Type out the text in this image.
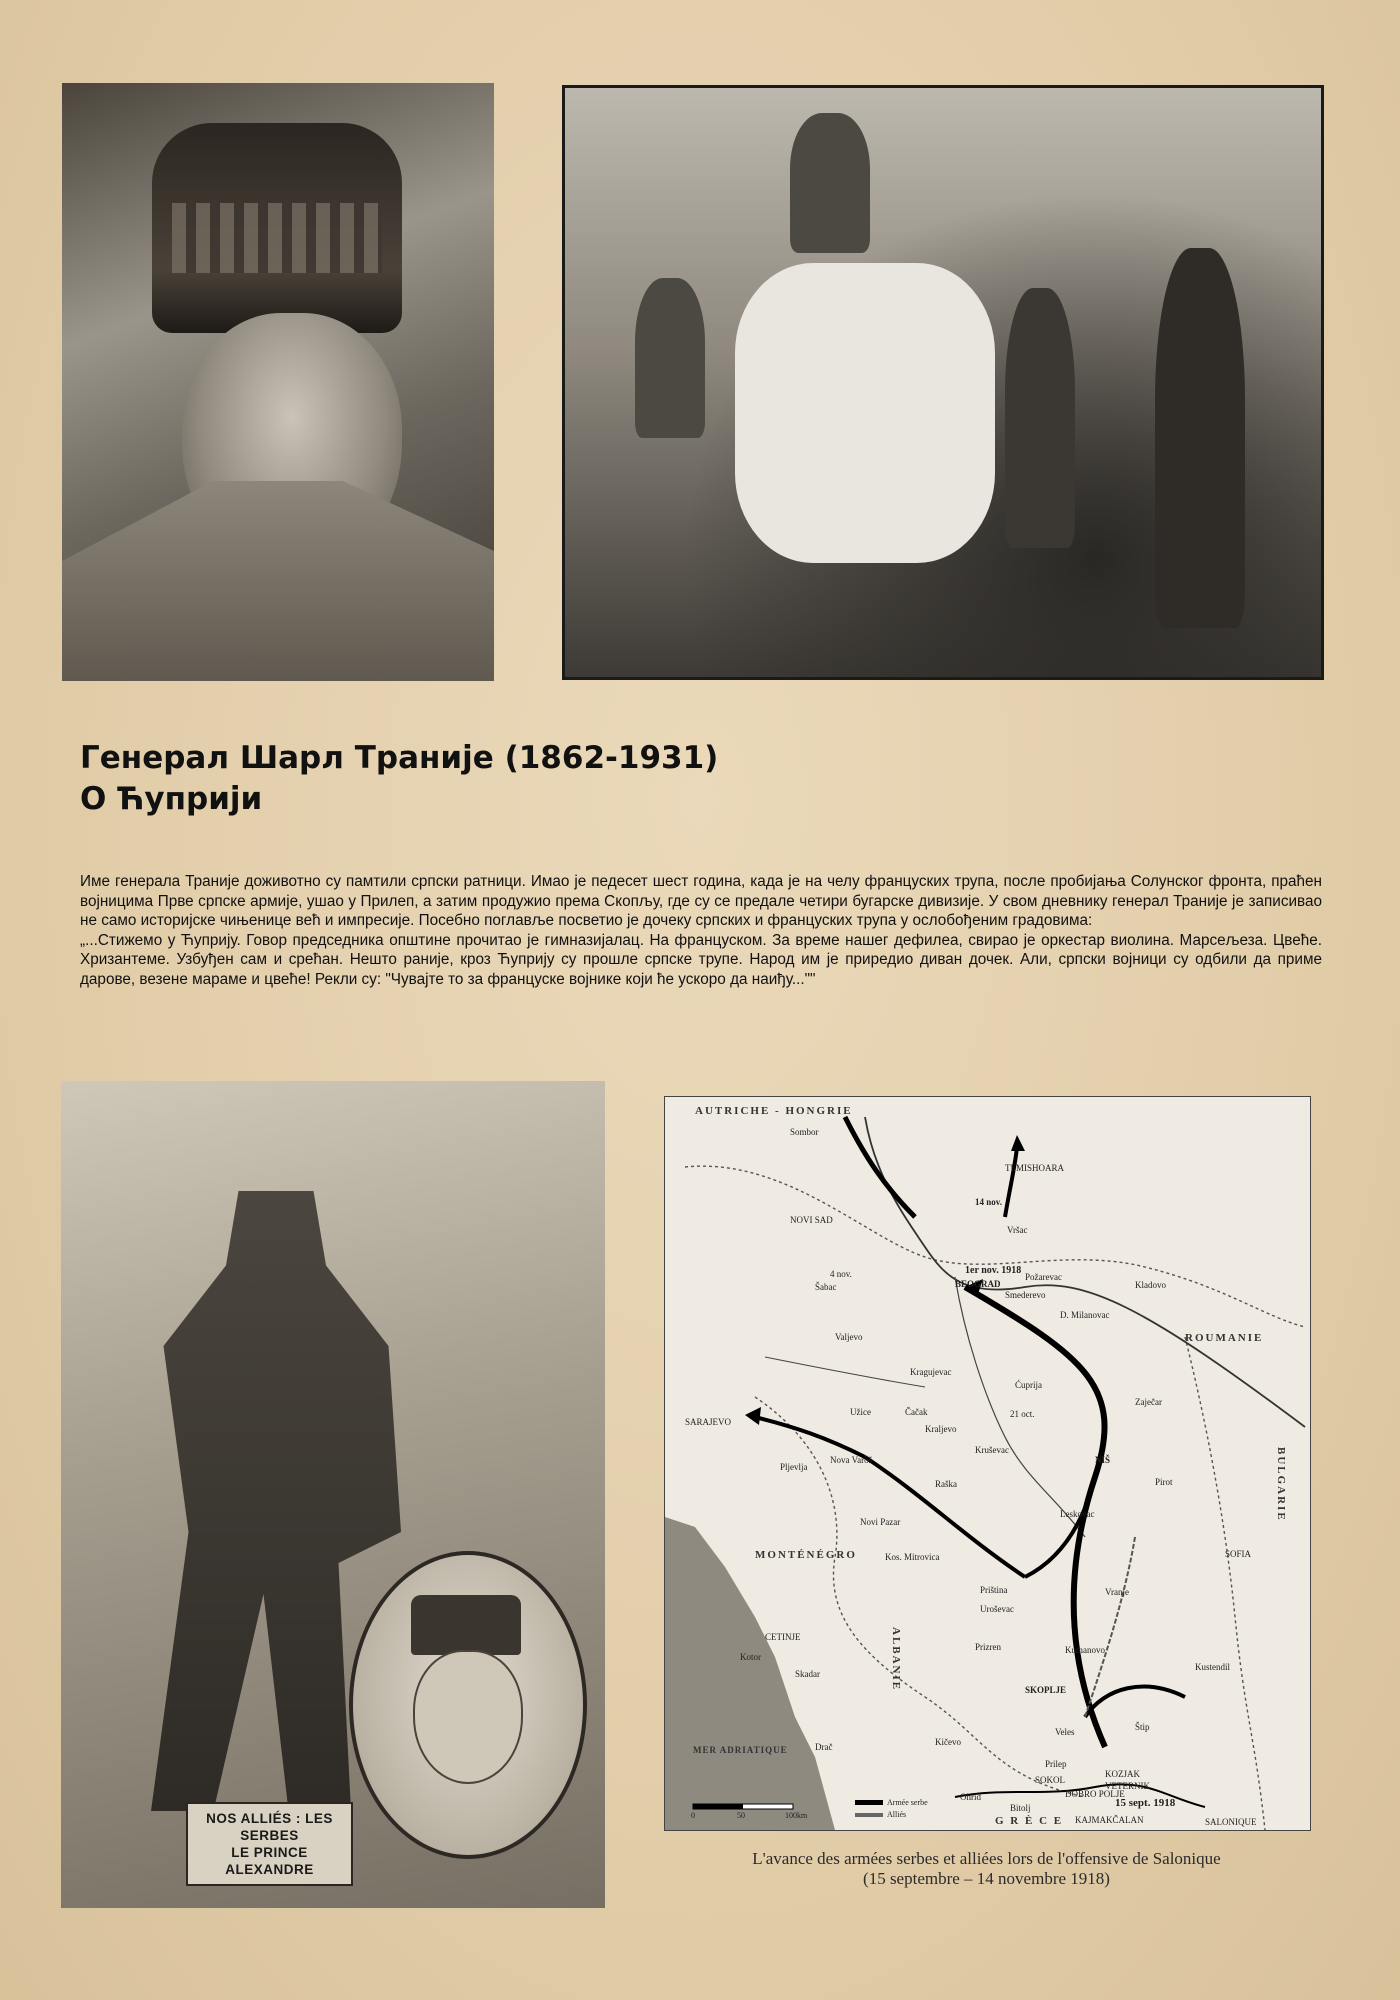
Генерал Шарл Траније (1862-1931)
О Ћуприји

Име генерала Траније доживотно су памтили српски ратници. Имао је педесет шест година, када је на челу француских трупа, после пробијања Солунског фронта, праћен војницима Прве српске армије, ушао у Прилеп, а затим продужио према Скопљу, где су се предале четири бугарске дивизије. У свом дневнику генерал Траније је записивао не само историјске чињенице већ и импресије. Посебно поглавље посветио је дочеку српских и француских трупа у ослобођеним градовима:

„...Стижемо у Ћуприју. Говор председника општине прочитао је гимназијалац. На француском. За време нашег дефилеа, свирао је оркестар виолина. Марсељеза. Цвеће. Хризантеме. Узбуђен сам и срећан. Нешто раније, кроз Ћуприју су прошле српске трупе. Народ им је приредио диван дочек. Али, српски војници су одбили да приме дарове, везене мараме и цвеће! Рекли су: "Чувајте то за француске војнике који ће ускоро да наиђу...""

NOS ALLIÉS : LES SERBES
LE PRINCE ALEXANDRE
AUTRICHE - HONGRIE
ROUMANIE
BULGARIE
MONTÉNÉGRO
ALBANIE
MER ADRIATIQUE
G R È C E
Sombor
TEMISHOARA
NOVI SAD
Vršac
BEOGRAD
Šabac
Požarevac
Smederevo
D. Milanovac
Kladovo
Valjevo
SARAJEVO
Kragujevac
Ćuprija
Užice	Čačak
Kraljevo
Kruševac
Zaječar
Pljevlja
Nova Varoš
Raška
NIŠ
Pirot
Leskovac
Novi Pazar
Kos. Mitrovica	SOFIA
Priština	Vranje
CETINJE
Kotor
Uroševac
Skadar
Prizren	Kumanovo
SKOPLJE
Kustendil
Veles	Štip
Kičevo
Ohrid
Bitolj
Prilep
Drač
DOBRO POLJE
KOZJAK
VETERNIK
KAJMAKČALAN
SOKOL
SALONIQUE
14 nov.
1er nov. 1918
4 nov.
21 oct.
15 sept. 1918
0	50	100km
Armée serbe
Alliés
L'avance des armées serbes et alliées lors de l'offensive de Salonique
(15 septembre – 14 novembre 1918)
